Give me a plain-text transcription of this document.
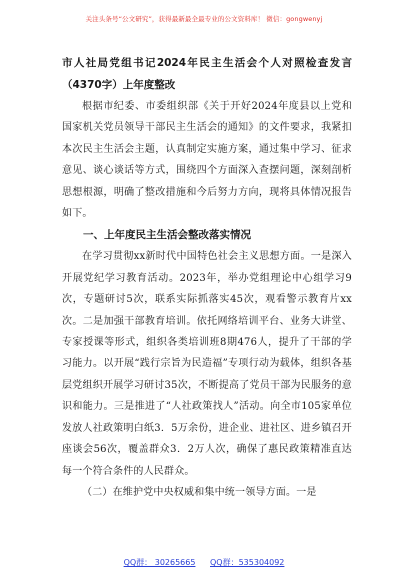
关注头条号“公文研究”，获得最新最全最专业的公文资料库！ 微信：gongwenyj

市人社局党组书记2024年民主生活会个人对照检查发言（4370字）上年度整改

根据市纪委、市委组织部《关于开好2024年度县以上党和国家机关党员领导干部民主生活会的通知》的文件要求，我紧扣本次民主生活会主题，认真制定实施方案，通过集中学习、征求意见、谈心谈话等方式，围绕四个方面深入查摆问题，深刻剖析思想根源，明确了整改措施和今后努力方向，现将具体情况报告如下。

一、上年度民主生活会整改落实情况

在学习贯彻xx新时代中国特色社会主义思想方面。一是深入开展党纪学习教育活动。2023年，举办党组理论中心组学习9次，专题研讨5次，联系实际抓落实45次，观看警示教育片xx次。二是加强干部教育培训。依托网络培训平台、业务大讲堂、专家授课等形式，组织各类培训班8期476人，提升了干部的学习能力。以开展“践行宗旨为民造福”专项行动为载体，组织各基层党组织开展学习研讨35次，不断提高了党员干部为民服务的意识和能力。三是推进了“人社政策找人”活动。向全市105家单位发放人社政策明白纸3．5万余份，进企业、进社区、进乡镇召开座谈会56次，覆盖群众3．2万人次，确保了惠民政策精准直达每一个符合条件的人民群众。

（二）在维护党中央权威和集中统一领导方面。一是

QQ群： 30265665 QQ群：535304092
